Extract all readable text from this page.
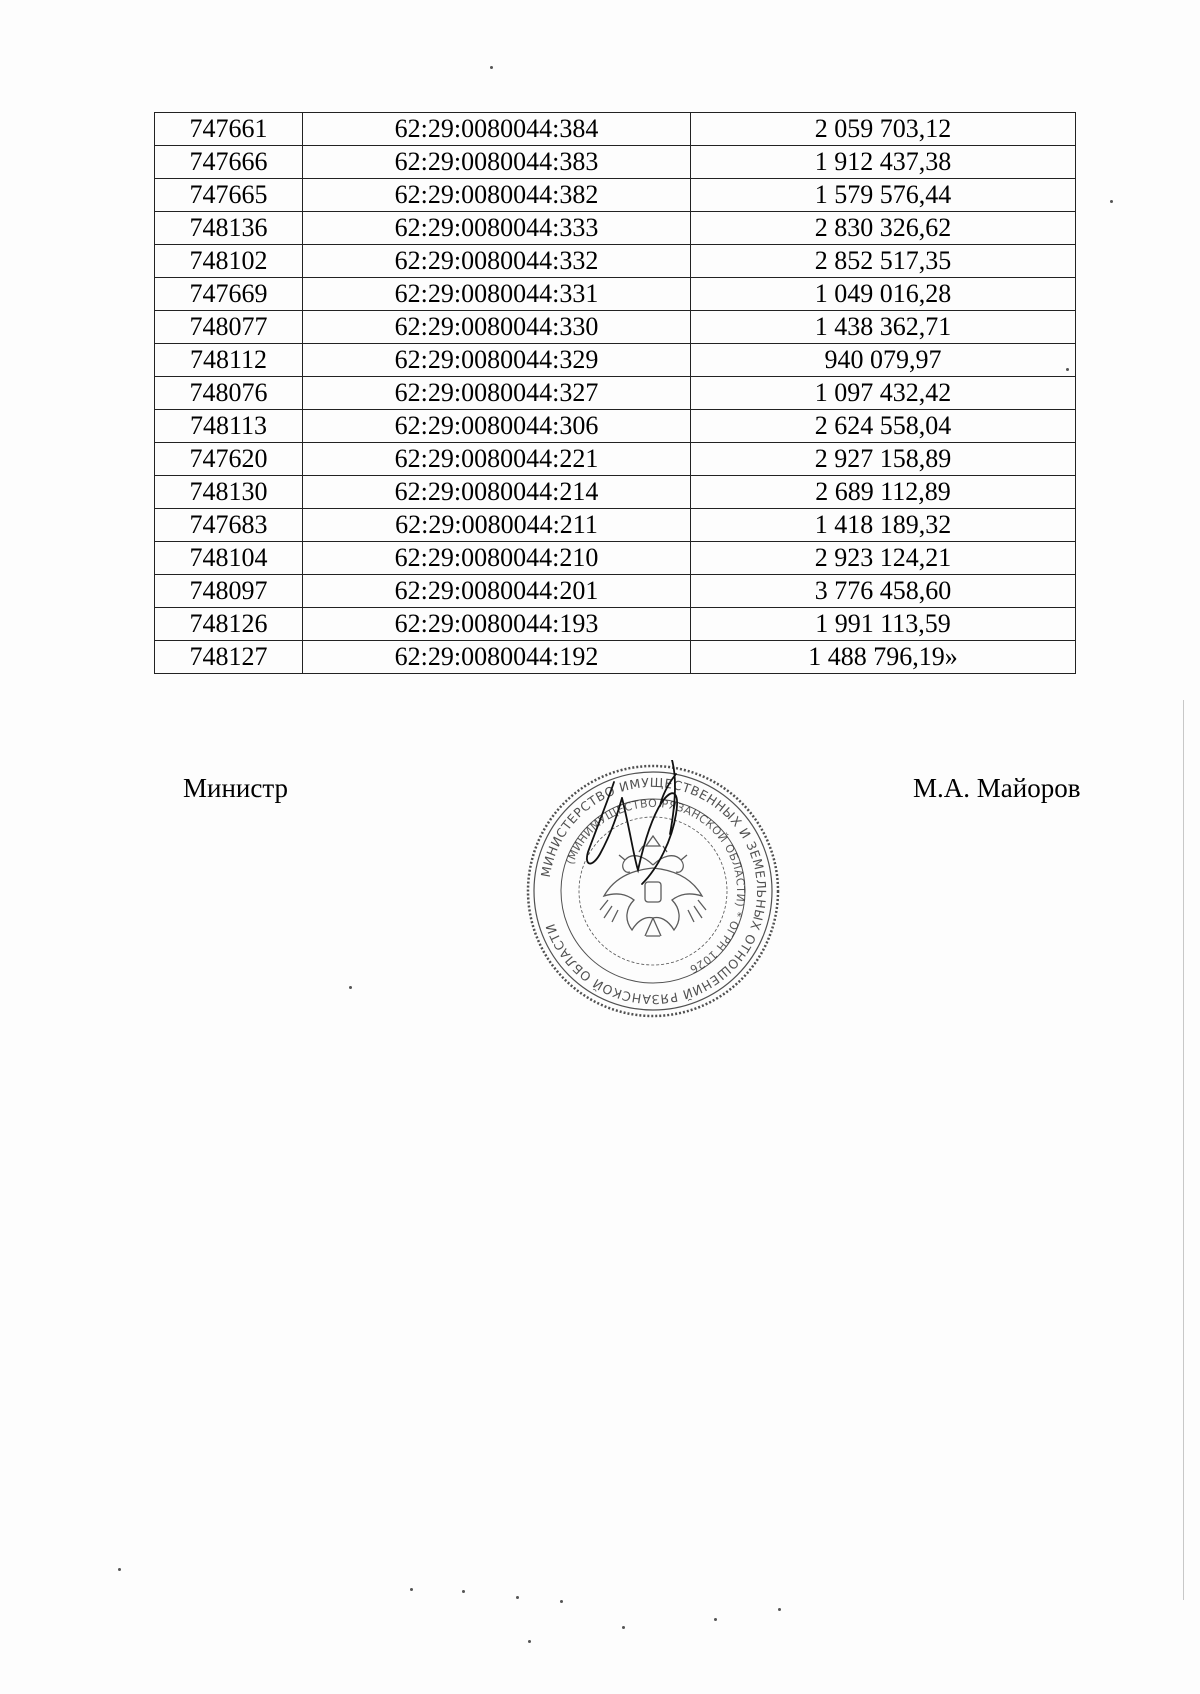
747661	62:29:0080044:384	2 059 703,12
747666	62:29:0080044:383	1 912 437,38
747665	62:29:0080044:382	1 579 576,44
748136	62:29:0080044:333	2 830 326,62
748102	62:29:0080044:332	2 852 517,35
747669	62:29:0080044:331	1 049 016,28
748077	62:29:0080044:330	1 438 362,71
748112	62:29:0080044:329	940 079,97
748076	62:29:0080044:327	1 097 432,42
748113	62:29:0080044:306	2 624 558,04
747620	62:29:0080044:221	2 927 158,89
748130	62:29:0080044:214	2 689 112,89
747683	62:29:0080044:211	1 418 189,32
748104	62:29:0080044:210	2 923 124,21
748097	62:29:0080044:201	3 776 458,60
748126	62:29:0080044:193	1 991 113,59
748127	62:29:0080044:192	1 488 796,19»
Министр	М.А. Майоров
МИНИСТЕРСТВО ИМУЩЕСТВЕННЫХ И ЗЕМЕЛЬНЫХ ОТНОШЕНИЙ РЯЗАНСКОЙ ОБЛАСТИ
(МИНИМУЩЕСТВО РЯЗАНСКОЙ ОБЛАСТИ) * ОГРН 1026
